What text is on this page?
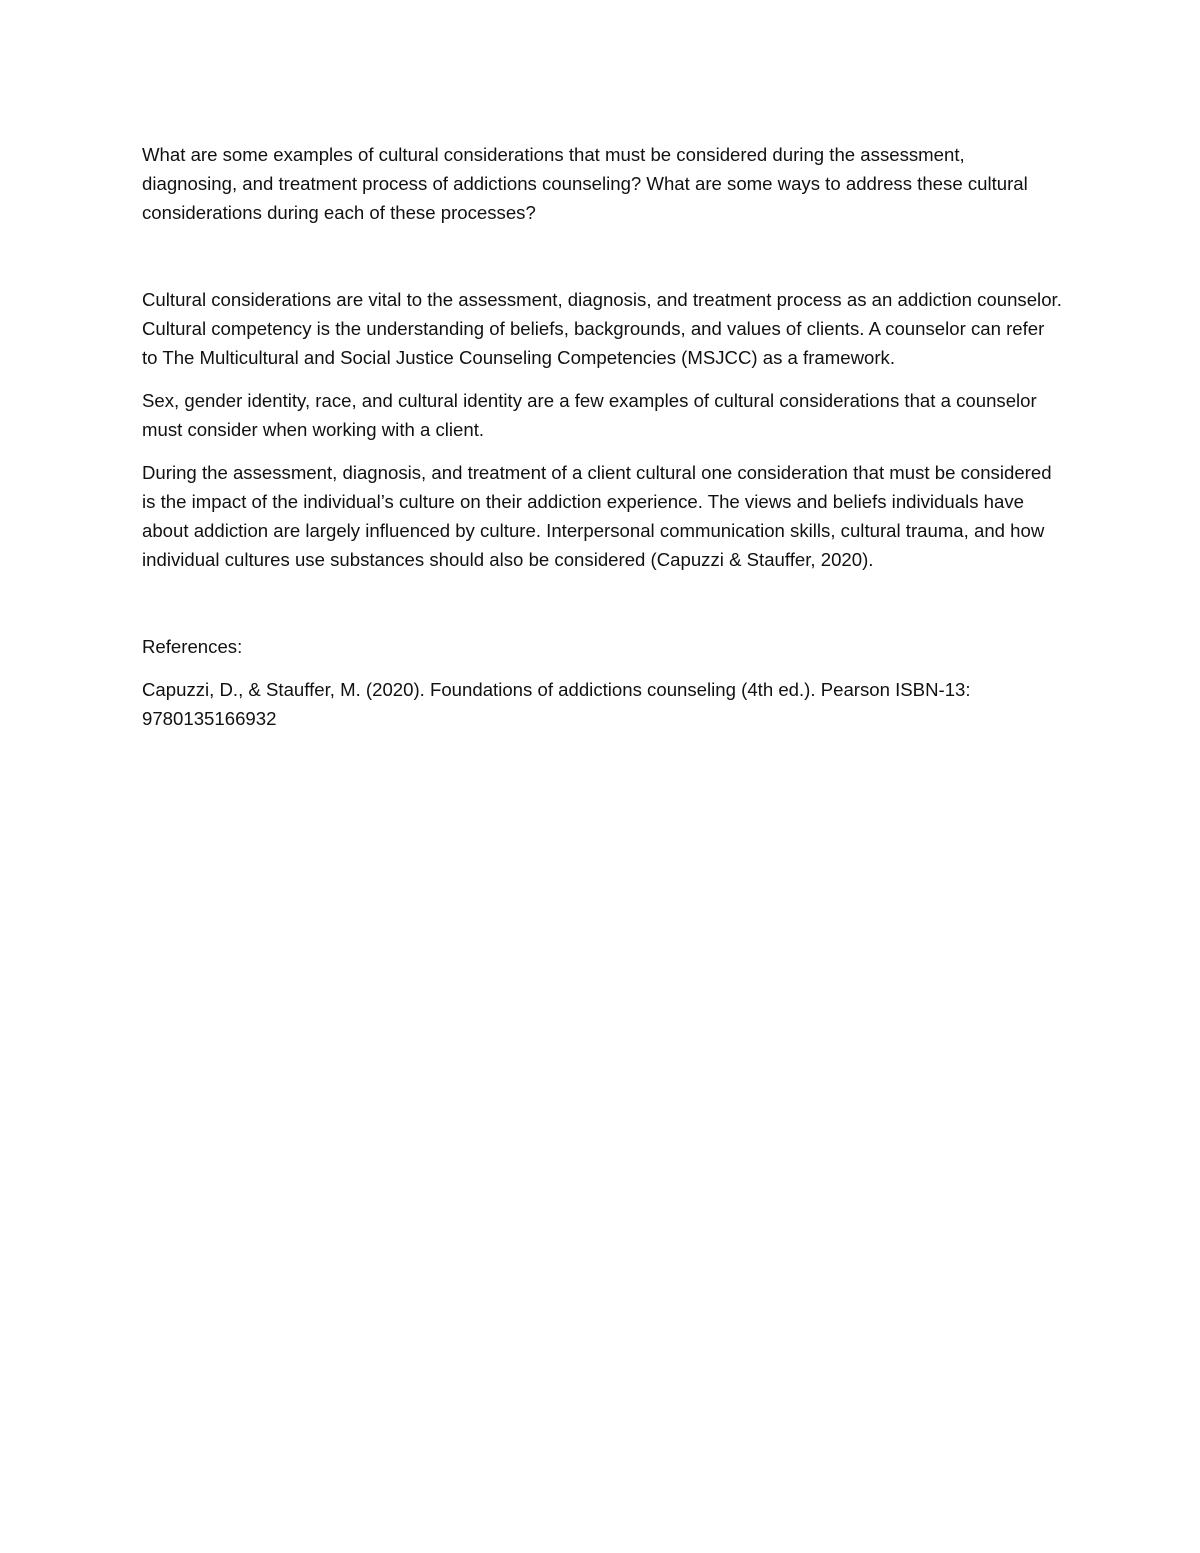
What are some examples of cultural considerations that must be considered during the assessment, diagnosing, and treatment process of addictions counseling? What are some ways to address these cultural considerations during each of these processes?

Cultural considerations are vital to the assessment, diagnosis, and treatment process as an addiction counselor. Cultural competency is the understanding of beliefs, backgrounds, and values of clients. A counselor can refer to The Multicultural and Social Justice Counseling Competencies (MSJCC) as a framework.

Sex, gender identity, race, and cultural identity are a few examples of cultural considerations that a counselor must consider when working with a client.

During the assessment, diagnosis, and treatment of a client cultural one consideration that must be considered is the impact of the individual’s culture on their addiction experience. The views and beliefs individuals have about addiction are largely influenced by culture. Interpersonal communication skills, cultural trauma, and how individual cultures use substances should also be considered (Capuzzi & Stauffer, 2020).

References:

Capuzzi, D., & Stauffer, M. (2020). Foundations of addictions counseling (4th ed.). Pearson ISBN-13: 9780135166932
